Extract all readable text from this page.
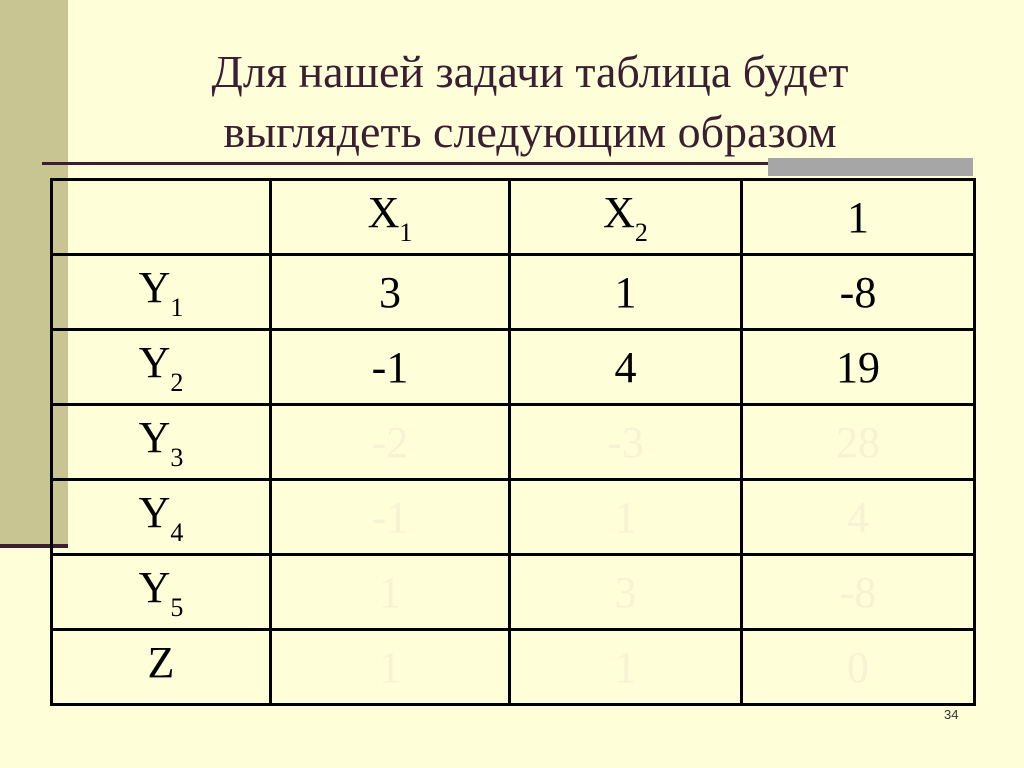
Для нашей задачи таблица будет
выглядеть следующим образом
	$X_1$	$X_2$	1
$Y_1$	3	1	-8
$Y_2$	-1	4	19
$Y_3$	-2	-3	28
$Y_4$	-1	1	4
$Y_5$	1	3	-8
Z	1	1	0
34
